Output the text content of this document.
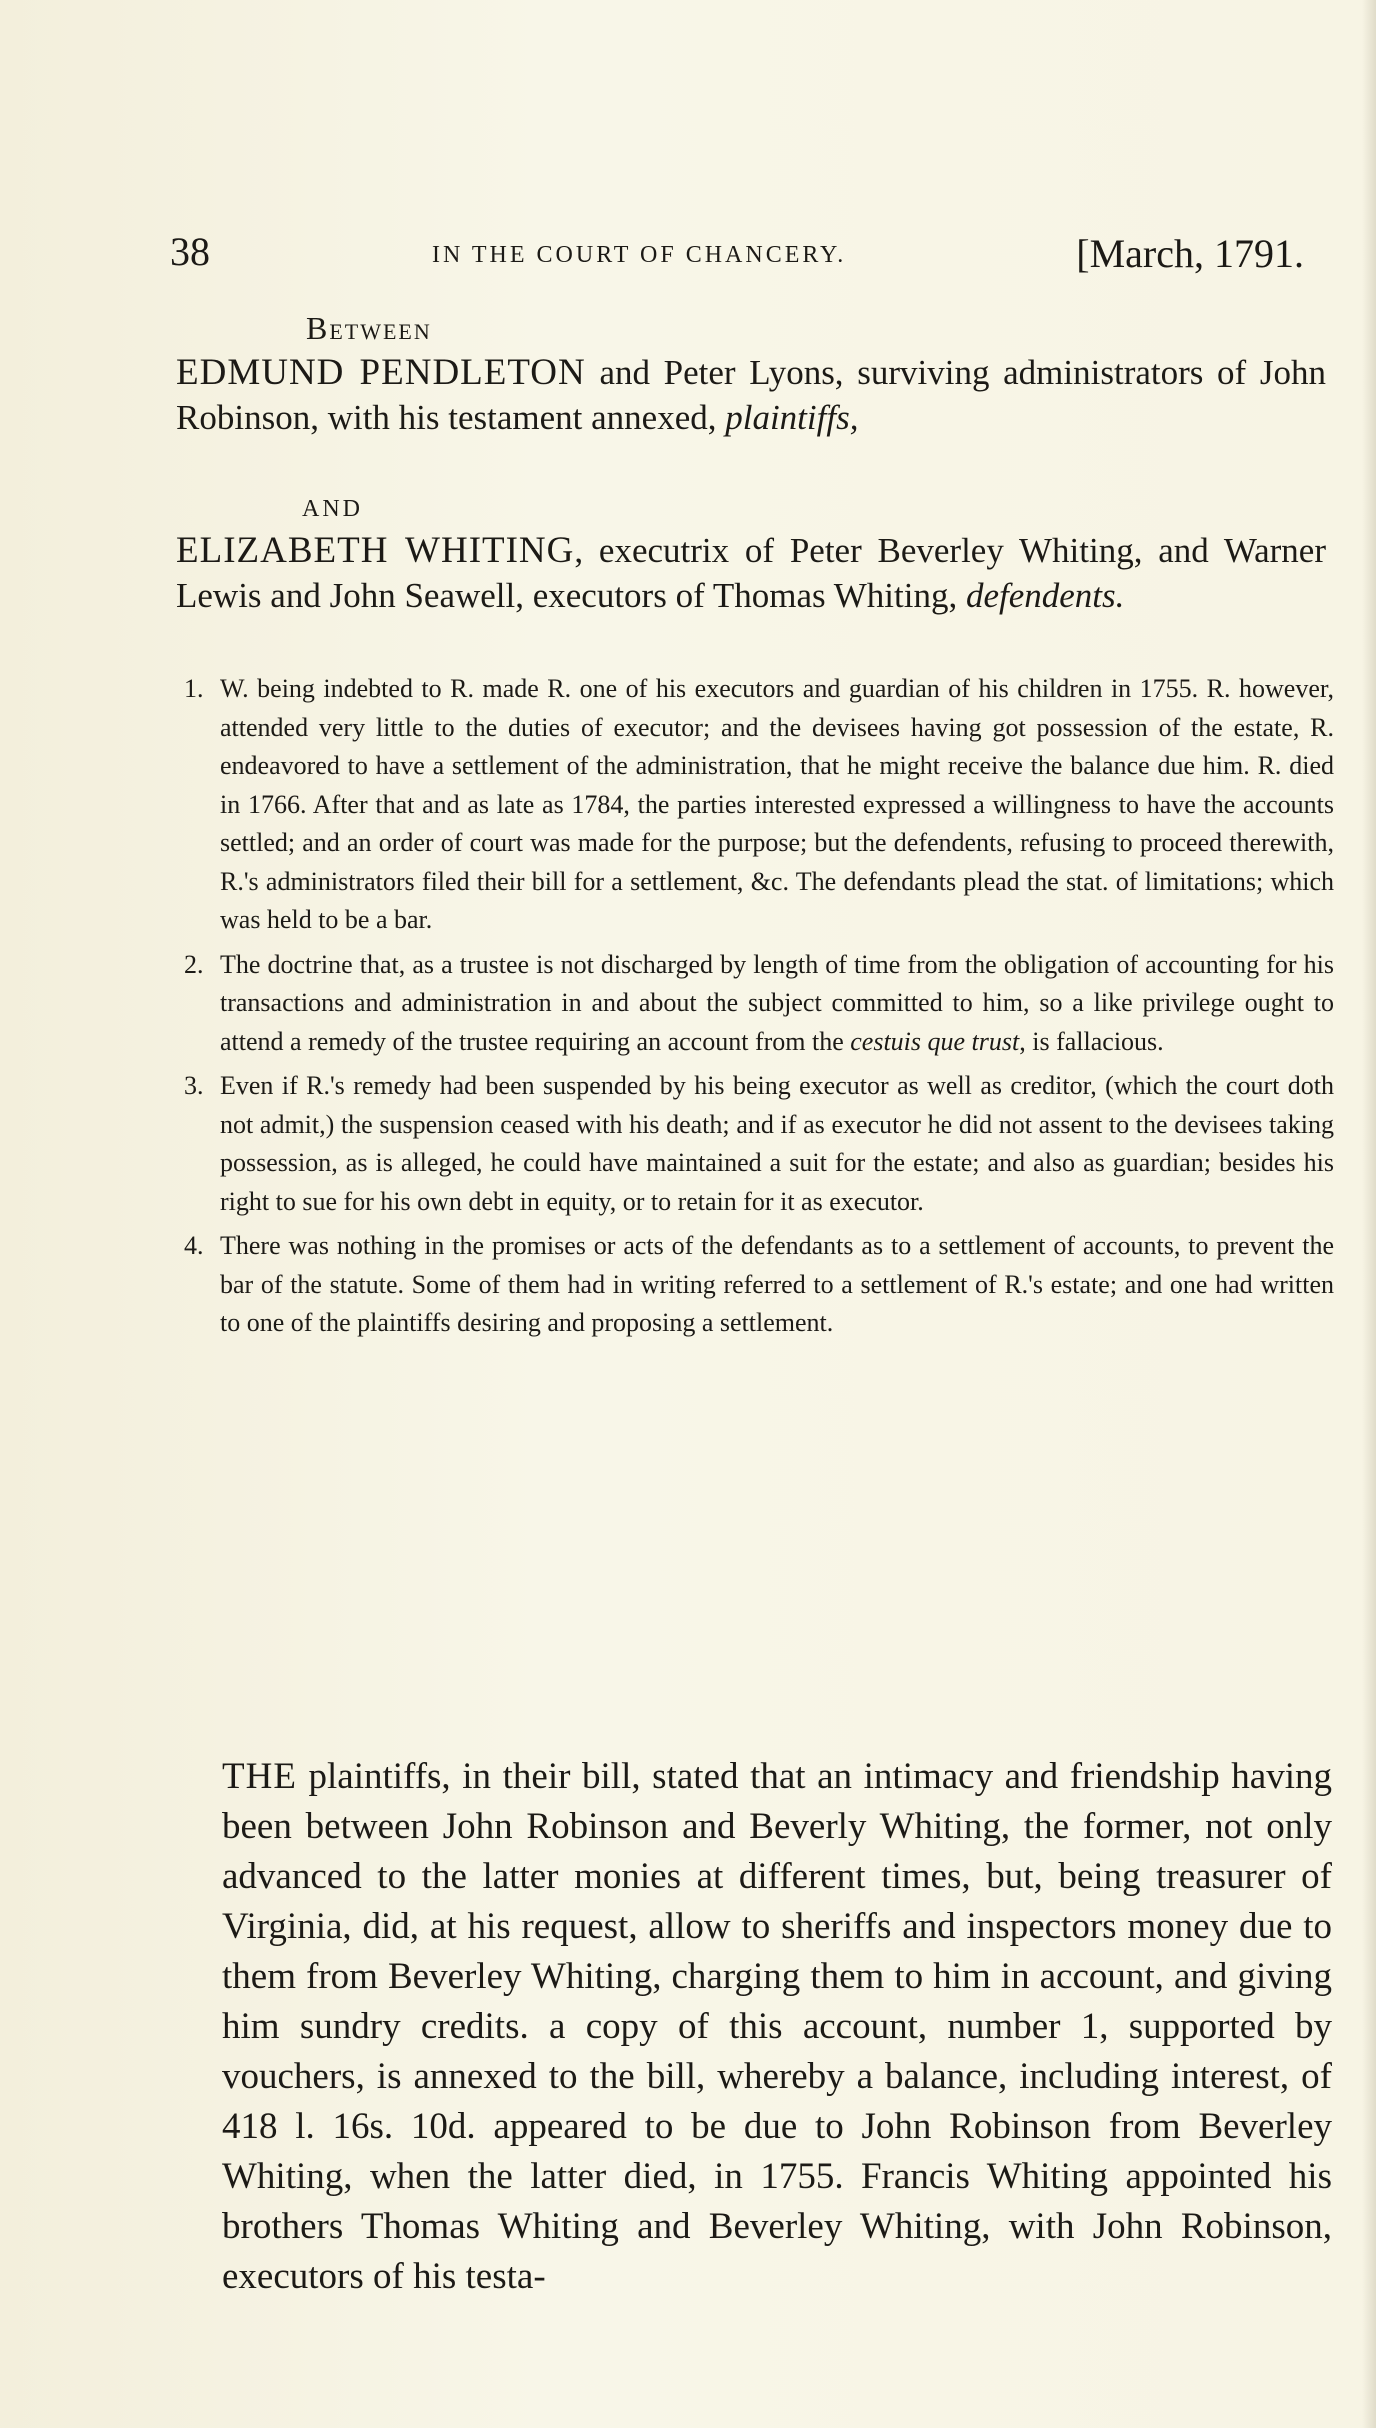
38	IN THE COURT OF CHANCERY.	[March, 1791.
Between
EDMUND PENDLETON and Peter Lyons, surviving administrators of John Robinson, with his testament annexed, plaintiffs,
AND
ELIZABETH WHITING, executrix of Peter Beverley Whiting, and Warner Lewis and John Seawell, executors of Thomas Whiting, defendents.
1. W. being indebted to R. made R. one of his executors and guardian of his children in 1755. R. however, attended very little to the duties of executor; and the devisees having got possession of the estate, R. endeavored to have a settlement of the administration, that he might receive the balance due him. R. died in 1766. After that and as late as 1784, the parties interested expressed a willingness to have the accounts settled; and an order of court was made for the purpose; but the defendents, refusing to proceed therewith, R.'s administrators filed their bill for a settlement, &c. The defendants plead the stat. of limitations; which was held to be a bar.
2. The doctrine that, as a trustee is not discharged by length of time from the obligation of accounting for his transactions and administration in and about the subject committed to him, so a like privilege ought to attend a remedy of the trustee requiring an account from the cestuis que trust, is fallacious.
3. Even if R.'s remedy had been suspended by his being executor as well as creditor, (which the court doth not admit,) the suspension ceased with his death; and if as executor he did not assent to the devisees taking possession, as is alleged, he could have maintained a suit for the estate; and also as guardian; besides his right to sue for his own debt in equity, or to retain for it as executor.
4. There was nothing in the promises or acts of the defendants as to a settlement of accounts, to prevent the bar of the statute. Some of them had in writing referred to a settlement of R.'s estate; and one had written to one of the plaintiffs desiring and proposing a settlement.
THE plaintiffs, in their bill, stated that an intimacy and friendship having been between John Robinson and Beverly Whiting, the former, not only advanced to the latter monies at different times, but, being treasurer of Virginia, did, at his request, allow to sheriffs and inspectors money due to them from Beverley Whiting, charging them to him in account, and giving him sundry credits. a copy of this account, number 1, supported by vouchers, is annexed to the bill, whereby a balance, including interest, of 418 l. 16s. 10d. appeared to be due to John Robinson from Beverley Whiting, when the latter died, in 1755. Francis Whiting appointed his brothers Thomas Whiting and Beverley Whiting, with John Robinson, executors of his testa-
